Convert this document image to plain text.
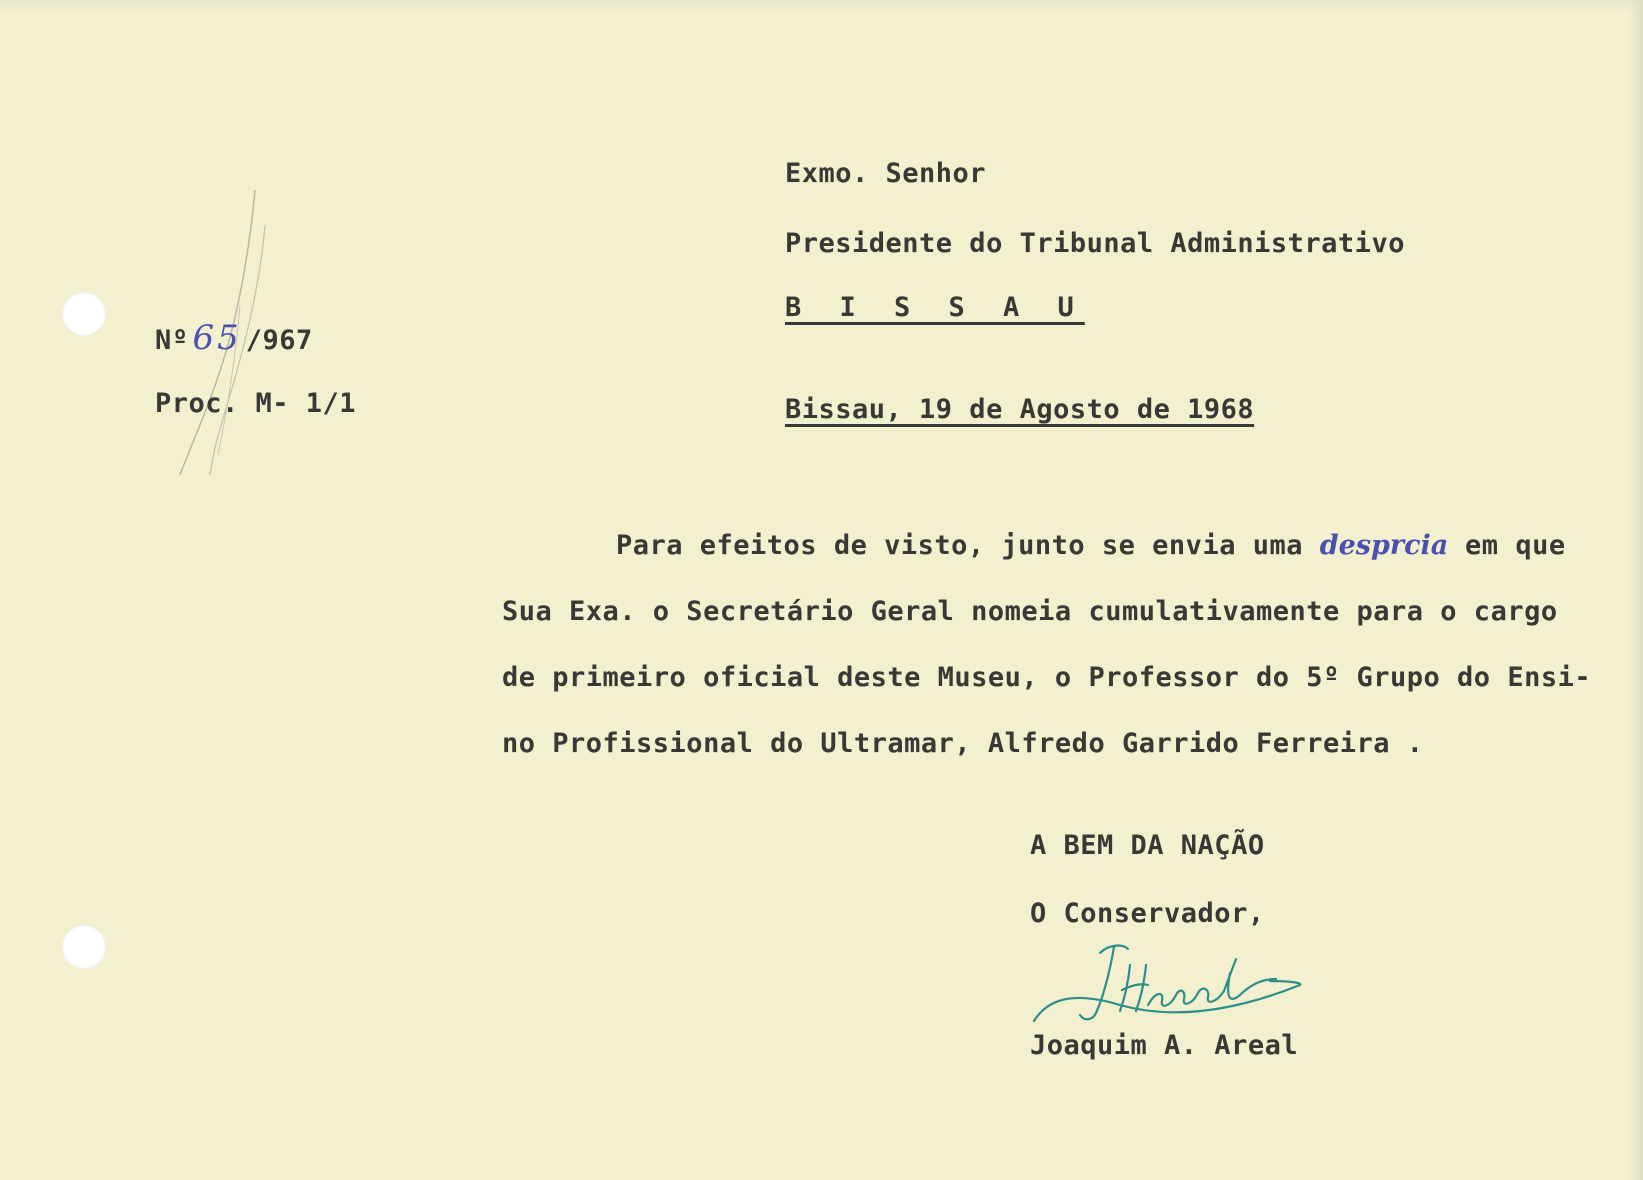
Nº 65 /967

Proc. M- 1/1

Exmo. Senhor

Presidente do Tribunal Administrativo

B I S S A U

Bissau, 19 de Agosto de 1968

Para efeitos de visto, junto se envia uma desprcia em que

Sua Exa. o Secretário Geral nomeia cumulativamente para o cargo

de primeiro oficial deste Museu, o Professor do 5º Grupo do Ensi-

no Profissional do Ultramar, Alfredo Garrido Ferreira .

A BEM DA NAÇÃO

O Conservador,

Joaquim A. Areal
